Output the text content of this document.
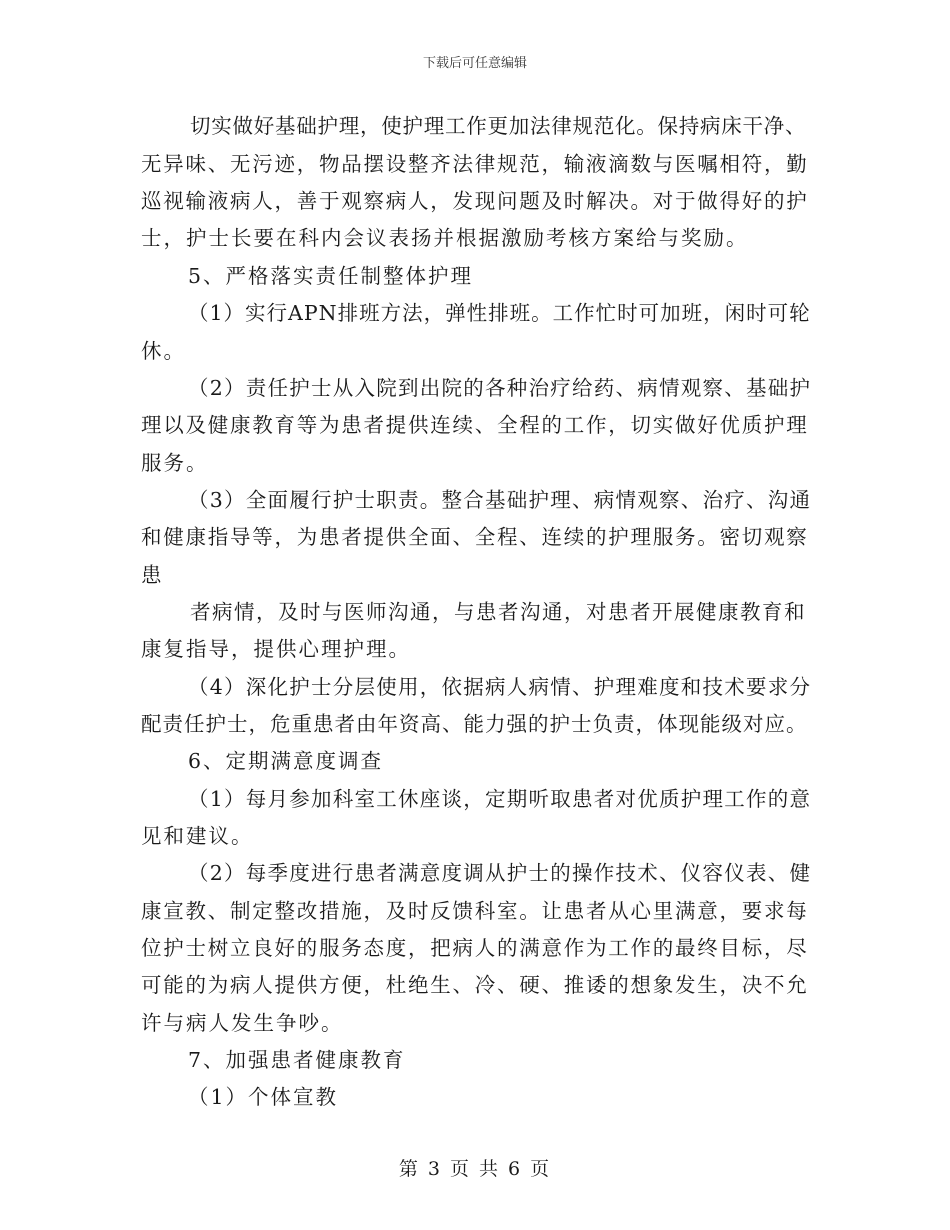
下载后可任意编辑
切实做好基础护理，使护理工作更加法律规范化。保持病床干净、
无异味、无污迹，物品摆设整齐法律规范，输液滴数与医嘱相符，勤
巡视输液病人，善于观察病人，发现问题及时解决。对于做得好的护
士，护士长要在科内会议表扬并根据激励考核方案给与奖励。
5、严格落实责任制整体护理
（1）实行APN排班方法，弹性排班。工作忙时可加班，闲时可轮
休。
（2）责任护士从入院到出院的各种治疗给药、病情观察、基础护
理以及健康教育等为患者提供连续、全程的工作，切实做好优质护理
服务。
（3）全面履行护士职责。整合基础护理、病情观察、治疗、沟通
和健康指导等，为患者提供全面、全程、连续的护理服务。密切观察
患
者病情，及时与医师沟通，与患者沟通，对患者开展健康教育和
康复指导，提供心理护理。
（4）深化护士分层使用，依据病人病情、护理难度和技术要求分
配责任护士，危重患者由年资高、能力强的护士负责，体现能级对应。
6、定期满意度调查
（1）每月参加科室工休座谈，定期听取患者对优质护理工作的意
见和建议。
（2）每季度进行患者满意度调从护士的操作技术、仪容仪表、健
康宣教、制定整改措施，及时反馈科室。让患者从心里满意，要求每
位护士树立良好的服务态度，把病人的满意作为工作的最终目标，尽
可能的为病人提供方便，杜绝生、冷、硬、推诿的想象发生，决不允
许与病人发生争吵。
7、加强患者健康教育
（1）个体宣教
第 3 页 共 6 页
